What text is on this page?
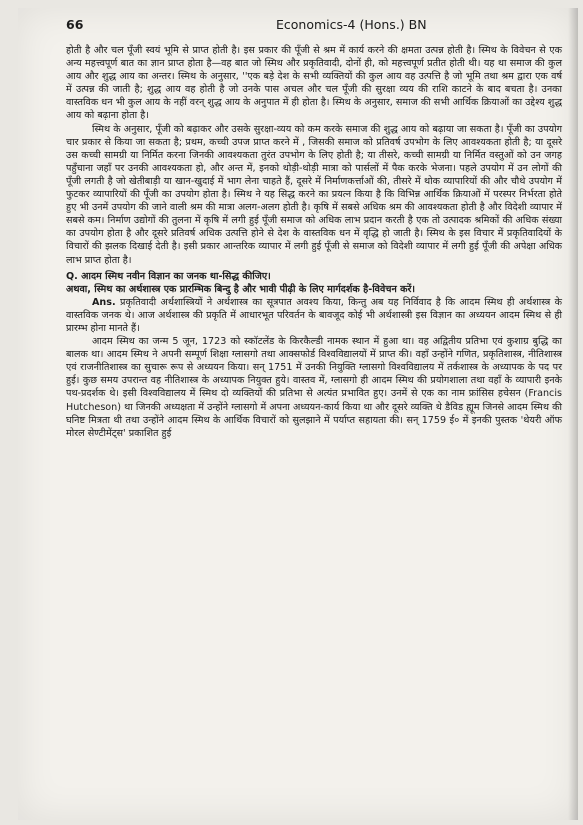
66	Economics-4 (Hons.) BN

होती है और चल पूँजी स्वयं भूमि से प्राप्त होती है। इस प्रकार की पूँजी से श्रम में कार्य करने की क्षमता उत्पन्न होती है। स्मिथ के विवेचन से एक अन्य महत्त्वपूर्ण बात का ज्ञान प्राप्त होता है—वह बात जो स्मिथ और प्रकृतिवादी, दोनों ही, को महत्त्वपूर्ण प्रतीत होती थी। यह था समाज की कुल आय और शुद्ध आय का अन्तर। स्मिथ के अनुसार, ''एक बड़े देश के सभी व्यक्तियों की कुल आय वह उत्पत्ति है जो भूमि तथा श्रम द्वारा एक वर्ष में उत्पन्न की जाती है; शुद्ध आय वह होती है जो उनके पास अचल और चल पूँजी की सुरक्षा व्यय की राशि काटने के बाद बचता है। उनका वास्तविक धन भी कुल आय के नहीं वरन् शुद्ध आय के अनुपात में ही होता है। स्मिथ के अनुसार, समाज की सभी आर्थिक क्रियाओं का उद्देश्य शुद्ध आय को बढ़ाना होता है।

स्मिथ के अनुसार, पूँजी को बढ़ाकर और उसके सुरक्षा-व्यय को कम करके समाज की शुद्ध आय को बढ़ाया जा सकता है। पूँजी का उपयोग चार प्रकार से किया जा सकता है; प्रथम, कच्ची उपज प्राप्त करने में , जिसकी समाज को प्रतिवर्ष उपभोग के लिए आवश्यकता होती है; या दूसरे उस कच्ची सामग्री या निर्मित करना जिनकी आवश्यकता तुरंत उपभोग के लिए होती है; या तीसरे, कच्ची सामग्री या निर्मित वस्तुओं को उन जगह पहुँचाना जहाँ पर उनकी आवश्यकता हो, और अन्त में, इनको थोड़ी-थोड़ी मात्रा को पार्सलों में पैक करके भेजना। पहले उपयोग में उन लोगों की पूँजी लगती है जो खेतीबाड़ी या खान-खुदाई में भाग लेना चाहते हैं, दूसरे में निर्माणकर्त्ताओं की, तीसरे में थोक व्यापारियों की और चौथे उपयोग में फुटकर व्यापारियों की पूँजी का उपयोग होता है। स्मिथ ने यह सिद्ध करने का प्रयत्न किया है कि विभिन्न आर्थिक क्रियाओं में परस्पर निर्भरता होते हुए भी उनमें उपयोग की जाने वाली श्रम की मात्रा अलग-अलग होती है। कृषि में सबसे अधिक श्रम की आवश्यकता होती है और विदेशी व्यापार में सबसे कम। निर्माण उद्योगों की तुलना में कृषि में लगी हुई पूँजी समाज को अधिक लाभ प्रदान करती है एक तो उत्पादक श्रमिकों की अधिक संख्या का उपयोग होता है और दूसरे प्रतिवर्ष अधिक उत्पत्ति होने से देश के वास्तविक धन में वृद्धि हो जाती है। स्मिथ के इस विचार में प्रकृतिवादियों के विचारों की झलक दिखाई देती है। इसी प्रकार आन्तरिक व्यापार में लगी हुई पूँजी से समाज को विदेशी व्यापार में लगी हुई पूँजी की अपेक्षा अधिक लाभ प्राप्त होता है।

Q. आदम स्मिथ नवीन विज्ञान का जनक था-सिद्ध कीजिए।

अथवा, स्मिथ का अर्थशास्त्र एक प्रारम्भिक बिन्दु है और भावी पीढ़ी के लिए मार्गदर्शक है-विवेचन करें।

Ans. प्रकृतिवादी अर्थशास्त्रियों ने अर्थशास्त्र का सूत्रपात अवश्य किया, किन्तु अब यह निर्विवाद है कि आदम स्मिथ ही अर्थशास्त्र के वास्तविक जनक थे। आज अर्थशास्त्र की प्रकृति में आधारभूत परिवर्तन के बावजूद कोई भी अर्थशास्त्री इस विज्ञान का अध्ययन आदम स्मिथ से ही प्रारम्भ होना मानते हैं।

आदम स्मिथ का जन्म 5 जून, 1723 को स्कॉटलेंड के किरकैल्डी नामक स्थान में हुआ था। वह अद्वितीय प्रतिभा एवं कुशाग्र बुद्धि का बालक था। आदम स्मिथ ने अपनी सम्पूर्ण शिक्षा ग्लासगो तथा आक्सफोर्ड विश्वविद्यालयों में प्राप्त की। वहाँ उन्होंने गणित, प्रकृतिशास्त्र, नीतिशास्त्र एवं राजनीतिशास्त्र का सुचारू रूप से अध्ययन किया। सन् 1751 में उनकी नियुक्ति ग्लासगो विश्वविद्यालय में तर्कशास्त्र के अध्यापक के पद पर हुई। कुछ समय उपरान्त वह नीतिशास्त्र के अध्यापक नियुक्त हुये। वास्तव में, ग्लासगो ही आदम स्मिथ की प्रयोगशाला तथा वहाँ के व्यापारी इनके पथ-प्रदर्शक थे। इसी विश्वविद्यालय में स्मिथ दो व्यक्तियों की प्रतिभा से अत्यंत प्रभावित हुए। उनमें से एक का नाम फ्रांसिस हचेसन (Francis Hutcheson) था जिनकी अध्यक्षता में उन्होंने ग्लासगो में अपना अध्ययन-कार्य किया था और दूसरे व्यक्ति थे डैविड ह्यूम जिनसे आदम स्मिथ की घनिष्ट मित्रता थी तथा उन्होंने आदम स्मिथ के आर्थिक विचारों को सुलझाने में पर्याप्त सहायता की। सन् 1759 ई० में इनकी पुस्तक 'थेयरी ऑफ मोरल सेण्टीमेंट्स' प्रकाशित हुई
